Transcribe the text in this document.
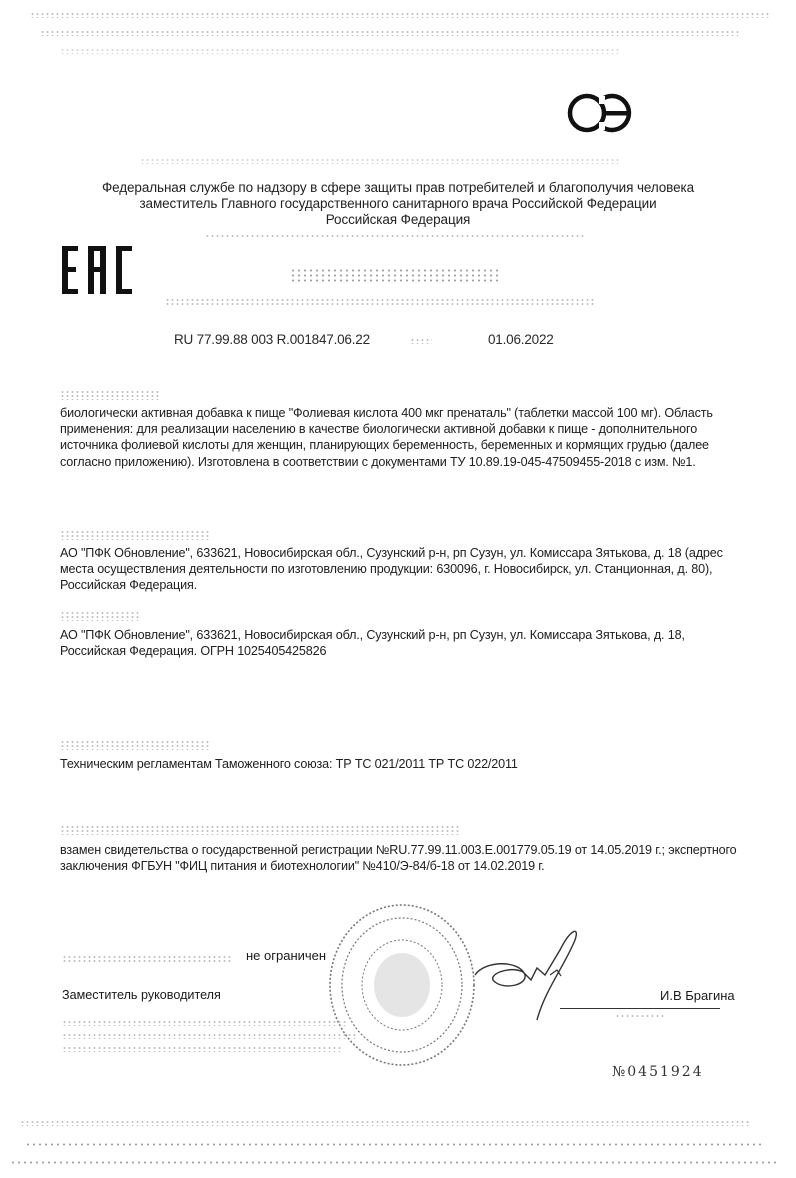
Федеральная службе по надзору в сфере защиты прав потребителей и благополучия человека
заместитель Главного государственного санитарного врача Российской Федерации
Российская Федерация
RU 77.99.88 003 R.001847.06.22	01.06.2022
биологически активная добавка к пище "Фолиевая кислота 400 мкг пренаталь" (таблетки массой 100 мг). Область применения: для реализации населению в качестве биологически активной добавки к пище - дополнительного источника фолиевой кислоты для женщин, планирующих беременность, беременных и кормящих грудью (далее согласно приложению). Изготовлена в соответствии с документами ТУ 10.89.19-045-47509455-2018 с изм. №1.
АО "ПФК Обновление", 633621, Новосибирская обл., Сузунский р-н, рп Сузун, ул. Комиссара Зятькова, д. 18 (адрес места осуществления деятельности по изготовлению продукции: 630096, г. Новосибирск, ул. Станционная, д. 80), Российская Федерация.
АО "ПФК Обновление", 633621, Новосибирская обл., Сузунский р-н, рп Сузун, ул. Комиссара Зятькова, д. 18, Российская Федерация. ОГРН 1025405425826
Техническим регламентам Таможенного союза: ТР ТС 021/2011 ТР ТС 022/2011
взамен свидетельства о государственной регистрации №RU.77.99.11.003.Е.001779.05.19 от 14.05.2019 г.; экспертного заключения ФГБУН "ФИЦ питания и биотехнологии" №410/Э-84/б-18 от 14.02.2019 г.
не ограничен
Заместитель руководителя	И.В Брагина
№0451924
